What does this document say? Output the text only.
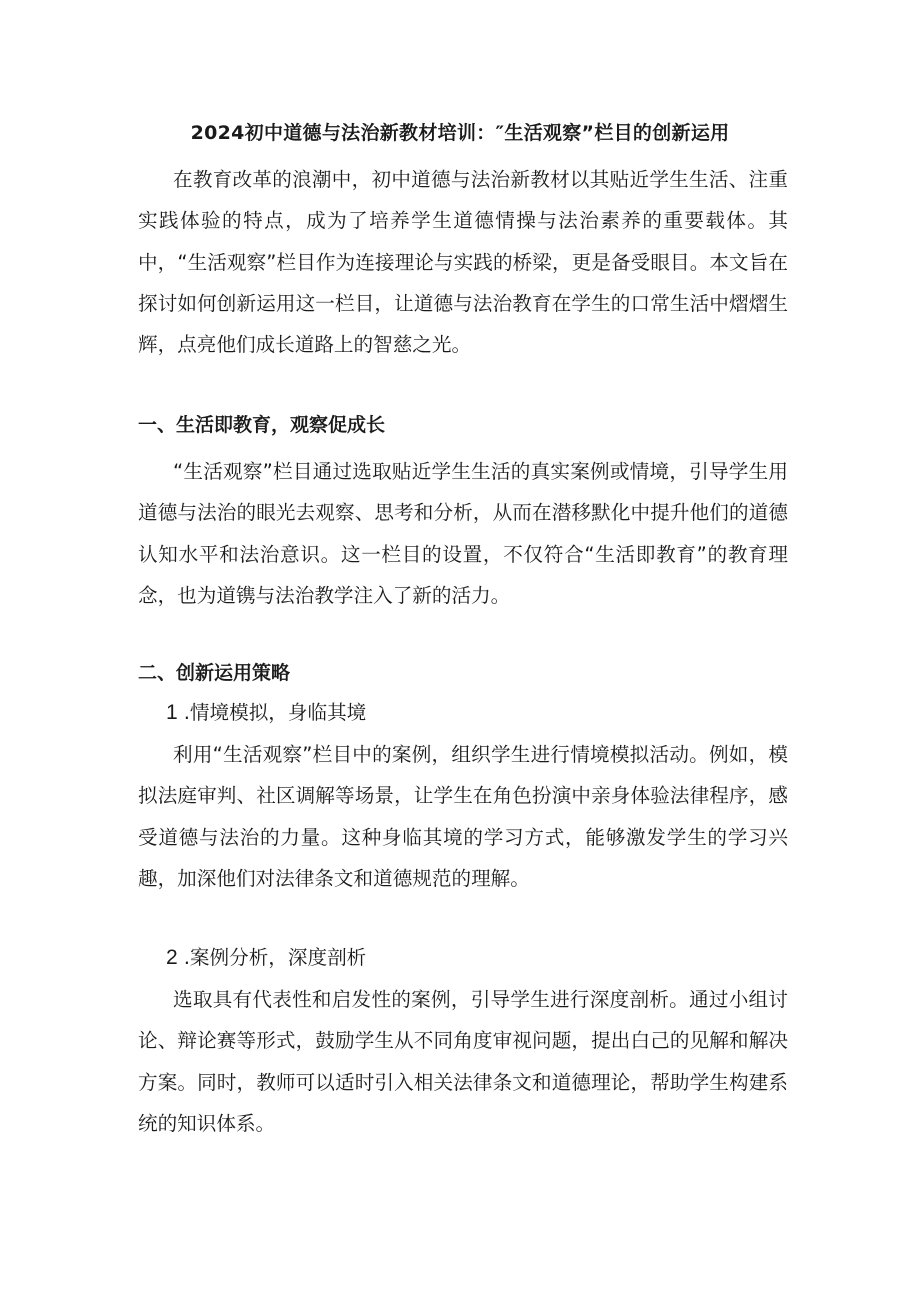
2024初中道德与法治新教材培训：″生活观察”栏目的创新运用
在教育改革的浪潮中，初中道德与法治新教材以其贴近学生生活、注重实践体验的特点，成为了培养学生道德情操与法治素养的重要载体。其中，“生活观察”栏目作为连接理论与实践的桥梁，更是备受眼目。本文旨在探讨如何创新运用这一栏目，让道德与法治教育在学生的口常生活中熠熠生辉，点亮他们成长道路上的智慈之光。
一、生活即教育，观察促成长
“生活观察”栏目通过选取贴近学生生活的真实案例或情境，引导学生用道德与法治的眼光去观察、思考和分析，从而在潜移默化中提升他们的道德认知水平和法治意识。这一栏目的设置，不仅符合“生活即教育”的教育理念，也为道镌与法治教学注入了新的活力。
二、创新运用策略
1 .情境模拟，身临其境
利用“生活观察”栏目中的案例，组织学生进行情境模拟活动。例如，模拟法庭审判、社区调解等场景，让学生在角色扮演中亲身体验法律程序，感受道德与法治的力量。这种身临其境的学习方式，能够激发学生的学习兴趣，加深他们对法律条文和道德规范的理解。
2 .案例分析，深度剖析
选取具有代表性和启发性的案例，引导学生进行深度剖析。通过小组讨论、辩论赛等形式，鼓励学生从不同角度审视问题，提出白己的见解和解决方案。同时，教师可以适时引入相关法律条文和道德理论，帮助学生构建系统的知识体系。
